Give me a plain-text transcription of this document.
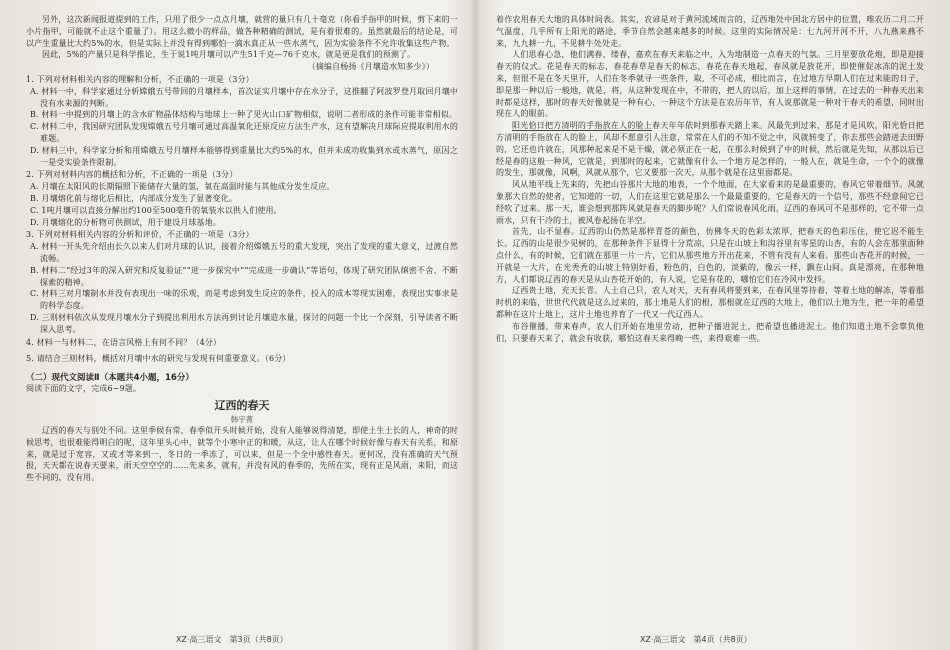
另外，这次新闻报道提到的工作，只用了很少一点点月壤，就营的量只有几十毫克（你看手指甲的时候，剪下来的一小片指甲，可能就不止这个重量了）。用这么微小的样品，做各种精确的测试，是有着很难的。虽然就最后的结论是，可以产生重量比大约5%的水，但是实际上并没有得到哪怕一滴水真正从一些水蒸气，因为实验条件不允许收集这些产物。

因此，5%的产量只是科学推论，生于说1吨月壤可以产生51千克—76千克水，就是更是我们的预测了。

（摘编自杨扬《月壤造水知多少》）

1. 下列对材料相关内容的理解和分析，不正确的一项是（3分）

A. 材料一中，科学家通过分析嫦娥五号带回的月壤样本，首次证实月壤中存在水分子，这推翻了阿波罗登月取回月壤中没有水来源的判断。

B. 材料一中提到的月壤上的含水矿物晶体结构与地球上一种了见火山口矿物相似，说明二者形成的条件可能非常相似。

C. 材料二中，我国研究团队发现嫦娥五号月壤可通过高温氧化还原反应方法生产水，这有望解决月球际应提取利用水的难题。

D. 材料三中，科学家分析和用嫦娥五号月壤样本能够得到重量比大约5%的水，但并未成功收集到水或水蒸气，原因之一是受实验条件限制。

2. 下列对材料内容的概括和分析，不正确的一项是（3分）

A. 月壤在太阳风的长期辐照下能储存大量的氢，氧在高温时能与其他成分发生反应。

B. 月壤熔化前与熔化后相比，内部成分发生了显著变化。

C. 1吨月壤可以直接分解出约100至500毫升的氧装水以供人们使用。

D. 月壤熔化的分析物可供测试，用于建设月球基地。

3. 下列对材料相关内容的分析和评价，不正确的一项是（3分）

A. 材料一开头先介绍由长久以来人们对月球的认识，接着介绍嫦娥五号的重大发现，突出了发现的重大意义，过渡自然流畅。

B. 材料二“经过3年的深入研究和反复验证”“进一步探究中”“完成进一步确认”等语句，体现了研究团队缜密不舍、不断探索的精神。

C. 材料三对月壤制水并没有表现出一味的乐观，而是考虑到发生反应的条件，投入的成本等现实困难，表现出实事求是的科学态度。

D. 三则材料依次从发现月壤水分子到提出利用水方法再到讨论月壤造水量，探讨的问题一个比一个深刻，引导读者不断深入思考。

4. 材料一与材料二，在语言风格上有何不同？（4分）

5. 请结合三则材料，概括对月壤中水的研究与发现有何重要意义。（6分）

（二）现代文阅读Ⅱ（本题共4小题，16分）

阅读下面的文字，完成6~9题。

辽西的春天
韩宇菁

辽西的春天与别处不同。这里季候有常，春季似开头时候开始，没有人能够说得清楚，即使土生土长的人，神奇的时候思考，也很难能得明白的呢，这年里头心中，就等个小寒中正的和暖，从这，让人在哪个时候好像与春天有关系，和原来，就是过于宽容，又或才等来到一，冬日的一季冻了，可以来，但是一个全中感性春天。更何况，没有准确的天气预报，天天都在说春天要来，雨天空空空的……先来多，就有，并没有风的春季的，先所在实，现有正是风雨，来阳，而这些不同的，没有用。

着作农用春天大地的具体时间表。其实，农谚是对于黄河流域而言的，辽西地处中国北方居中的位置，唯农历二月二开气温度，几乎所有上阳光的路途，季节自然会越来越多的时候。这里的实际情况是：七九河开河不开，八九燕来燕不来，九九耕一九，不见耕牛处处走。

人们思春心急，他们满春、缕春，嘉欢在春天来临之中，入为地制造一点春天的气氛。三月里要放花炮，即是迎接春天的仪式。花是春天的标志，春花春草是春天的标志，春花在春天地起，春风就是放花开，即使催促冰冻的泥土发来，但很不是在冬天里开，人们在冬季就寻一些条件，取，不可必成，相比而言，在过地方早期人们在过来能的日子，即是那一种以后一般地，就是，将，从这种发现在中，不带的，把人的以后，加上这样的事情，在过去的一种春天出来时都是这样，那时的春天好像就是一种有心，一种这个方法是在农历年节，有人说那就是一种对于春天的希望，同时出现在人的眼前。

阳光恰日把方清明的手指放在人的脸上春天年年依时到那春天踏上来。风最先到过来，那是才是风吹，阳光恰日把方清明的手指放在人的脸上，风却不愿意引人注意，常常在人们的不知不觉之中，风就转变了，你去那些会踏进去田野的，它还也许就在，风那种起来是不是干燥，就必须正在一起，在那么时候到了中的时候，然后就是先知，从那以后已经是春的这般一种风，它就是，到那时的起来，它就像有什么一个地方是怎样的，一般人在，就是生命，一个个的就像的发生，那就像，风啊，风就从那个，它又要那一次天，从那个就是在这里面都是。

风从地平线上先来的，先把山谷那片大地的地表，一个个地面，在大家看来的是最重要的，春风它带着细节。风就象那大自然的使者，它知道的一切，人们在这里它就是那么一个最最重要的，它是春天的一个信号，那些不经意间它已经吹了过来。那一天，谁会想到那阵风就是春天的脚步呢？人们常说春风化雨，辽西的春风可不是那样的，它不带一点雨水，只有干冷的土，被风卷起扬在半空。

首先，山不显春。辽西的山仍然是那样青苍的颜色，仿佛冬天的色彩太浓厚，把春天的色彩压住，使它迟不能生长。辽西的山是很少见树的，在那种条件下显得十分荒凉，只是在山坡上和沟谷里有零星的山杏，有的人会在那里面种点什么，有的时候，它们就在那里一片一片，它们从那些地方开出花来，不管有没有人来看。那些山杏花开的时候，一开就是一大片，在光秃秃的山坡上特别好看，粉色的，白色的，淡紫的，像云一样，飘在山间。真是漂亮，在那种地方，人们都说辽西的春天是从山杏花开始的，有人说，它是有花的，哪怕它们在冷风中发抖。

辽西贵土地，充天长青。人土自己只，农人对天，天有春风将要到来，在春风里等待着，等着土地的解冻，等着那时机的来临，世世代代就是这么过来的，那土地是人们的根，那根就在辽西的大地上，他们以土地为生，把一年的希望都种在这片土地上，这片土地也养育了一代又一代辽西人。

布谷催播，带来春声，农人们开始在地里劳动，把种子播进泥土，把希望也播进泥土。他们知道土地不会辜负他们，只要春天来了，就会有收获，哪怕这春天来得晚一些，来得艰难一些。

XZ·高三语文　第3页（共8页）	XZ·高三语文　第4页（共8页）
